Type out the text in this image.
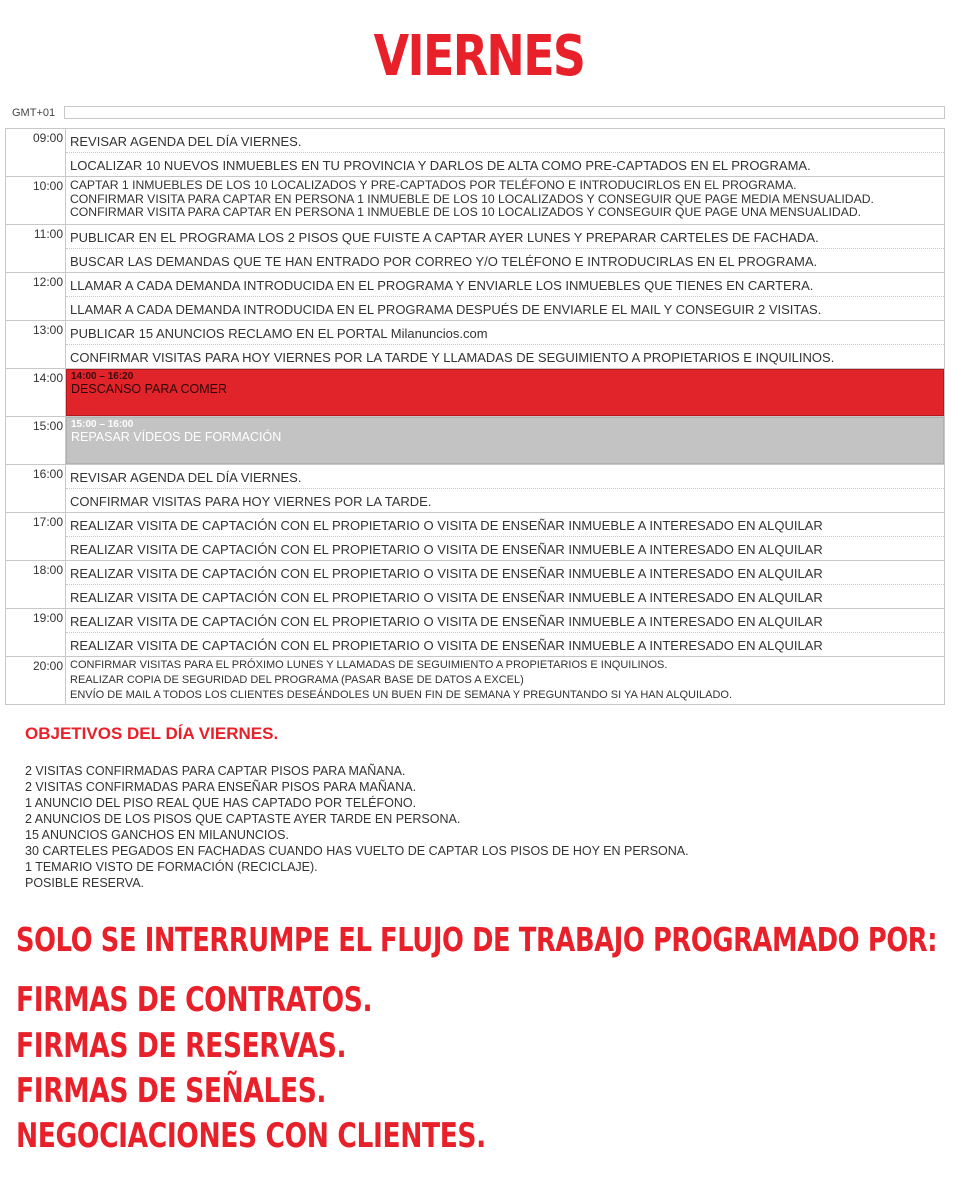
VIERNES
GMT+01
09:00 REVISAR AGENDA DEL DÍA VIERNES.
LOCALIZAR 10 NUEVOS INMUEBLES EN TU PROVINCIA Y DARLOS DE ALTA COMO PRE-CAPTADOS EN EL PROGRAMA.
10:00 CAPTAR 1 INMUEBLES DE LOS 10 LOCALIZADOS Y PRE-CAPTADOS POR TELÉFONO E INTRODUCIRLOS EN EL PROGRAMA.
CONFIRMAR VISITA PARA CAPTAR EN PERSONA 1 INMUEBLE DE LOS 10 LOCALIZADOS Y CONSEGUIR QUE PAGE MEDIA MENSUALIDAD.
CONFIRMAR VISITA PARA CAPTAR EN PERSONA 1 INMUEBLE DE LOS 10 LOCALIZADOS Y CONSEGUIR QUE PAGE UNA MENSUALIDAD.
11:00 PUBLICAR EN EL PROGRAMA LOS 2 PISOS QUE FUISTE A CAPTAR AYER LUNES Y PREPARAR CARTELES DE FACHADA.
BUSCAR LAS DEMANDAS QUE TE HAN ENTRADO POR CORREO Y/O TELÉFONO E INTRODUCIRLAS EN EL PROGRAMA.
12:00 LLAMAR A CADA DEMANDA INTRODUCIDA EN EL PROGRAMA Y ENVIARLE LOS INMUEBLES QUE TIENES EN CARTERA.
LLAMAR A CADA DEMANDA INTRODUCIDA EN EL PROGRAMA DESPUÉS DE ENVIARLE EL MAIL Y CONSEGUIR 2 VISITAS.
13:00 PUBLICAR 15 ANUNCIOS RECLAMO EN EL PORTAL Milanuncios.com
CONFIRMAR VISITAS PARA HOY VIERNES POR LA TARDE Y LLAMADAS DE SEGUIMIENTO A PROPIETARIOS E INQUILINOS.
14:00 14:00 – 16:20
DESCANSO PARA COMER
15:00 15:00 – 16:00
REPASAR VÍDEOS DE FORMACIÓN
16:00 REVISAR AGENDA DEL DÍA VIERNES.
CONFIRMAR VISITAS PARA HOY VIERNES POR LA TARDE.
17:00 REALIZAR VISITA DE CAPTACIÓN CON EL PROPIETARIO O VISITA DE ENSEÑAR INMUEBLE A INTERESADO EN ALQUILAR
REALIZAR VISITA DE CAPTACIÓN CON EL PROPIETARIO O VISITA DE ENSEÑAR INMUEBLE A INTERESADO EN ALQUILAR
18:00 REALIZAR VISITA DE CAPTACIÓN CON EL PROPIETARIO O VISITA DE ENSEÑAR INMUEBLE A INTERESADO EN ALQUILAR
REALIZAR VISITA DE CAPTACIÓN CON EL PROPIETARIO O VISITA DE ENSEÑAR INMUEBLE A INTERESADO EN ALQUILAR
19:00 REALIZAR VISITA DE CAPTACIÓN CON EL PROPIETARIO O VISITA DE ENSEÑAR INMUEBLE A INTERESADO EN ALQUILAR
REALIZAR VISITA DE CAPTACIÓN CON EL PROPIETARIO O VISITA DE ENSEÑAR INMUEBLE A INTERESADO EN ALQUILAR
20:00 CONFIRMAR VISITAS PARA EL PRÓXIMO LUNES Y LLAMADAS DE SEGUIMIENTO A PROPIETARIOS E INQUILINOS.
REALIZAR COPIA DE SEGURIDAD DEL PROGRAMA (PASAR BASE DE DATOS A EXCEL)
ENVÍO DE MAIL A TODOS LOS CLIENTES DESEÁNDOLES UN BUEN FIN DE SEMANA Y PREGUNTANDO SI YA HAN ALQUILADO.
OBJETIVOS DEL DÍA VIERNES.
2 VISITAS CONFIRMADAS PARA CAPTAR PISOS PARA MAÑANA.
2 VISITAS CONFIRMADAS PARA ENSEÑAR PISOS PARA MAÑANA.
1 ANUNCIO DEL PISO REAL QUE HAS CAPTADO POR TELÉFONO.
2 ANUNCIOS DE LOS PISOS QUE CAPTASTE AYER TARDE EN PERSONA.
15 ANUNCIOS GANCHOS EN MILANUNCIOS.
30 CARTELES PEGADOS EN FACHADAS CUANDO HAS VUELTO DE CAPTAR LOS PISOS DE HOY EN PERSONA.
1 TEMARIO VISTO DE FORMACIÓN (RECICLAJE).
POSIBLE RESERVA.
SOLO SE INTERRUMPE EL FLUJO DE TRABAJO PROGRAMADO POR:
FIRMAS DE CONTRATOS.
FIRMAS DE RESERVAS.
FIRMAS DE SEÑALES.
NEGOCIACIONES CON CLIENTES.
